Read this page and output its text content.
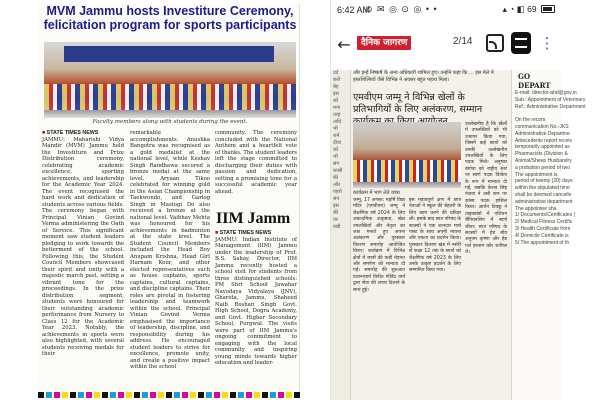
MVM Jammu hosts Investiture Ceremony, felicitation program for sports participants
Faculty members along with students during the event.
■ STATE TIMES NEWS

JAMMU: Maharishi Vidya Mandir (MVM) Jammu held the Investiture and Prize Distribution ceremony, celebrating academic excellence, sporting achievements, and leadership for the Academic Year 2024. The event recognised the hard work and dedication of students across various fields. The ceremony began with Principal Vinian Govind Verma administering the Oath of Service. This significant moment saw student leaders pledging to work towards the betterment of the school. Following this, the Student Council Members showcased their spirit and unity with a majestic march past, setting a vibrant tone for the proceedings. In the prize distribution segment, students were honoured for their outstanding academic performance from Nursery to Class 12 for the Academic Year 2023. Notably, the achievements in sports were also highlighted, with several students receiving medals for their

remarkable accomplishments. Anushka Bangotra was recognised as a gold medalist at the national level, while Keshav Singh Randhawa secured a bronze medal at the same level. Aryaan Tikoo celebrated for winning gold in the Asian Championship in Taekwondo, and Garlog Singh in Mastogi Do also received a bronze at the national level. Vaibhav Mehta was honoured for his achievements in badminton at the state level. The Student Council Members included the Head Boy Anupam Krishna, Head Girl Harnam Kour, and other elected representatives such as house captains, sports captains, cultural captains, and discipline captains. Their roles are pivotal in fostering leadership and teamwork within the school. Principal Vinian Govind Verma emphasised the importance of leadership, discipline, and responsibility during his address. He encouraged student leaders to strive for excellence, promote unity, and create a positive impact within the school

community. The ceremony concluded with the National Anthem and a heartfelt vote of thanks. The student leaders left the stage committed to discharging their duties with passion and dedication, setting a promising tone for a successful academic year ahead.

IIM Jamm
■ STATE TIMES NEWS

JAMMU: Indian Institute of Management (IIM) Jammu under the leadership of Prof. B.S. Sahay, Director, IIM Jammu recently hosted a school visit for students from three distinguished schools: PM Shri School Jawahar Navodaya Vidyalaya (JNV), Gharota, Jammu, Shaheed Naib Roshan Singh Govt. High School, Dogra Academy, and Govt. Higher Secondary School, Purgwal. The visits were part of IIM Jammu's ongoing commitment to engaging with the local community and inspiring young minds towards higher education and leader-

6:42 AM
⊙ ✉ ◎ ⊙ ◎ • •	▴ ◔ ◧ 69
←	दैनिक जागरण	2/14	⋮
उर्द
करो
बेह
इस
को
मना
तरह
अधि
भी
शर्म
दीवा
को
भी
संग
शासी
की
ओर
पहरो
संप
इस
की
पर
रखी
और इन्हें निष्कर्ष के अन्य अधिकारी शामिल हुए। उन्होंने कहा कि ... इस मेले में हस्तशिल्पियों जैसे विभिन्न ने अवसर बहुत महत्व मिला।
एमवीएम जम्मू ने विभिन्न खेलों के प्रतिभागियों के लिए अलंकरण, सम्मान
कार्यक्रम में भाग लेते छात्र।
जम्मू, 17 अगस्त: महर्षि विद्या मंदिर (एमवीएम) जम्मू ने शैक्षणिक वर्ष 2024 के लिए अकादमिक उत्कृष्टता, खेल उपलब्धियों और नेतृत्व का जश्न मनाते हुए अपना अलंकरण और पुरस्कार वितरण समारोह आयोजित किया। कार्यक्रम में विभिन्न क्षेत्रों में छात्रों की कड़ी मेहनत और समर्पण को मान्यता दी गई। समारोह की शुरुआत प्रधानाचार्य विनीत गोविंद वर्मा द्वारा सेवा की शपथ दिलाने के साथ हुई।
इस महत्वपूर्ण क्षण में छात्र नेताओं ने स्कूल की बेहतरी के लिए काम करने की प्रतिज्ञा ली। इसके बाद छात्र परिषद के सदस्यों ने एक शानदार मार्च पास्ट के साथ अपनी भावना और एकता का प्रदर्शन किया। पुरस्कार वितरण खंड में नर्सरी से कक्षा 12 तक के छात्रों को शैक्षणिक वर्ष 2023 के लिए उनके उत्कृष्ट प्रदर्शन के लिए सम्मानित किया गया।
उल्लेखनीय है कि खेलों में उपलब्धियों को भी उजागर किया गया, जिसमें कई छात्रों को उनकी उल्लेखनीय उपलब्धियों के लिए पदक मिले। अनुष्का बंगोत्रा को राष्ट्रीय स्तर पर स्वर्ण पदक विजेता के रूप में मान्यता दी गई, जबकि केशव सिंह रंधावा ने उसी स्तर पर कांस्य पदक हासिल किया। आर्यन टिक्कू ने ताइक्वांडो में एशियन चैंपियनशिप में स्वर्ण जीता। छात्र परिषद के सदस्यों में हेड बॉय अनुपम कृष्णा और हेड गर्ल हरनाम कौर शामिल थे।
GO DEPART
E-mail: director-ahd@gov.in
Sub.: Appointment of Veterinary
Ref.: Administrative Department

On the recom
communication No.-JKS
Administrative Departme
Antecedents report receiv
temporarily appointed as
Pharmacists (Division &
Animal/Sheep Husbandry
a probation period of two
The appointment is
period of twenty (20) days
within the stipulated time
shall be deemed cancelle
administrative department
The appointee sha
1/ Documents/Certificates (
2/ Medical Fitness Certific
3/ Health Certificate from
4/ Domicile Certificate is
5/ The appointment of th
